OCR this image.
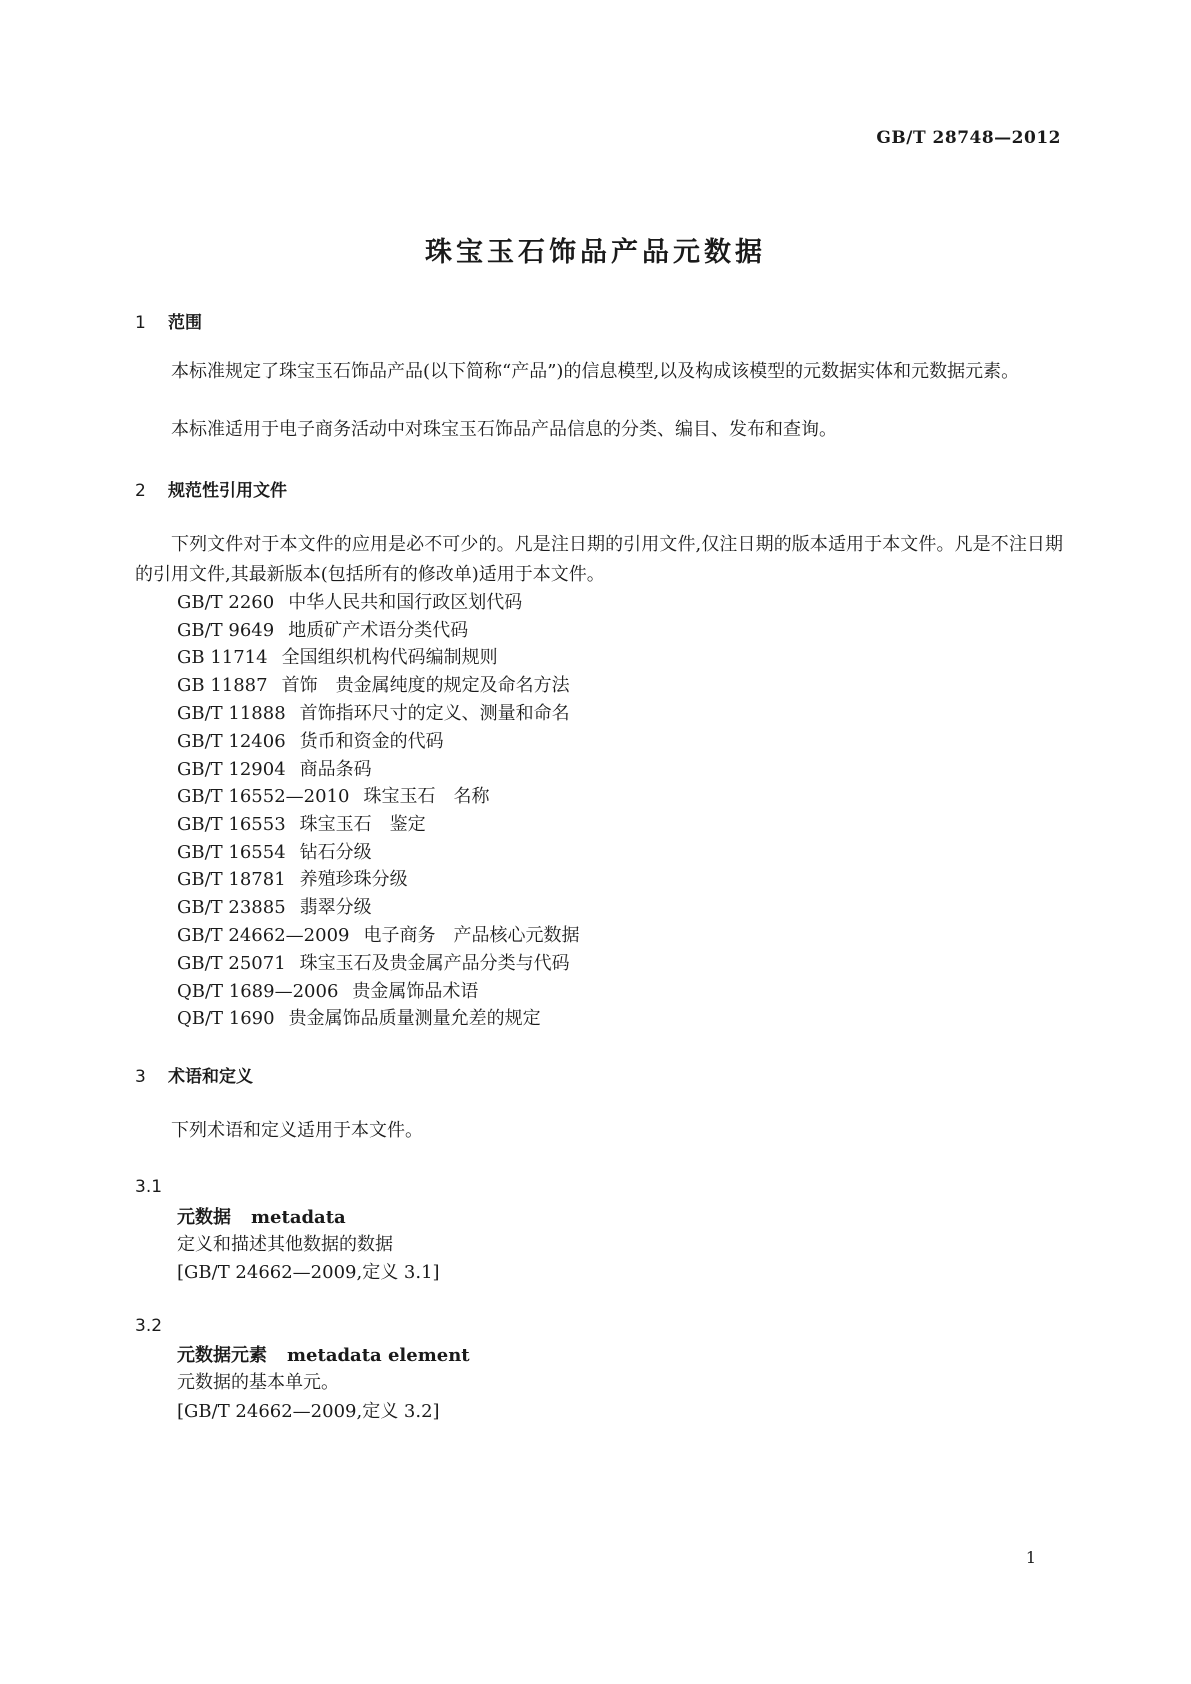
GB/T 28748—2012
珠宝玉石饰品产品元数据
1 范围
本标准规定了珠宝玉石饰品产品(以下简称“产品”)的信息模型,以及构成该模型的元数据实体和元数据元素。
本标准适用于电子商务活动中对珠宝玉石饰品产品信息的分类、编目、发布和查询。
2 规范性引用文件
下列文件对于本文件的应用是必不可少的。凡是注日期的引用文件,仅注日期的版本适用于本文件。凡是不注日期的引用文件,其最新版本(包括所有的修改单)适用于本文件。
GB/T 2260 中华人民共和国行政区划代码
GB/T 9649 地质矿产术语分类代码
GB 11714 全国组织机构代码编制规则
GB 11887 首饰　贵金属纯度的规定及命名方法
GB/T 11888 首饰指环尺寸的定义、测量和命名
GB/T 12406 货币和资金的代码
GB/T 12904 商品条码
GB/T 16552—2010 珠宝玉石　名称
GB/T 16553 珠宝玉石　鉴定
GB/T 16554 钻石分级
GB/T 18781 养殖珍珠分级
GB/T 23885 翡翠分级
GB/T 24662—2009 电子商务　产品核心元数据
GB/T 25071 珠宝玉石及贵金属产品分类与代码
QB/T 1689—2006 贵金属饰品术语
QB/T 1690 贵金属饰品质量测量允差的规定
3 术语和定义
下列术语和定义适用于本文件。
3.1
元数据 metadata
定义和描述其他数据的数据
[GB/T 24662—2009,定义 3.1]
3.2
元数据元素 metadata element
元数据的基本单元。
[GB/T 24662—2009,定义 3.2]
1
